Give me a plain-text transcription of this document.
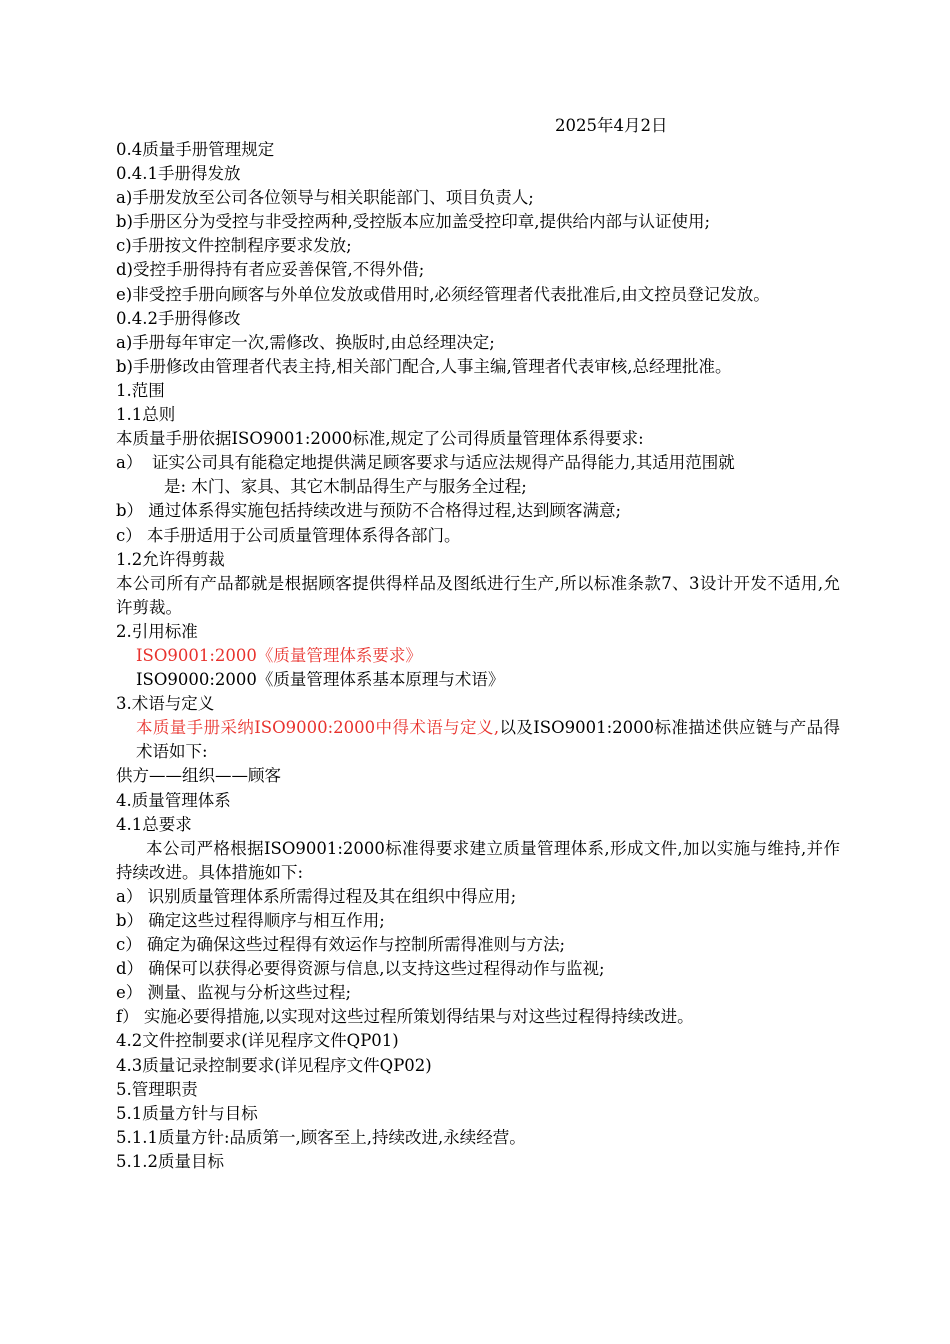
2025年4月2日
0.4质量手册管理规定
0.4.1手册得发放
a)手册发放至公司各位领导与相关职能部门、项目负责人;
b)手册区分为受控与非受控两种,受控版本应加盖受控印章,提供给内部与认证使用;
c)手册按文件控制程序要求发放;
d)受控手册得持有者应妥善保管,不得外借;
e)非受控手册向顾客与外单位发放或借用时,必须经管理者代表批准后,由文控员登记发放。
0.4.2手册得修改
a)手册每年审定一次,需修改、换版时,由总经理决定;
b)手册修改由管理者代表主持,相关部门配合,人事主编,管理者代表审核,总经理批准。
1.范围
1.1总则
本质量手册依据ISO9001:2000标准,规定了公司得质量管理体系得要求:
a） 证实公司具有能稳定地提供满足顾客要求与适应法规得产品得能力,其适用范围就
是: 木门、家具、其它木制品得生产与服务全过程;
b） 通过体系得实施包括持续改进与预防不合格得过程,达到顾客满意;
c） 本手册适用于公司质量管理体系得各部门。
1.2允许得剪裁
本公司所有产品都就是根据顾客提供得样品及图纸进行生产,所以标准条款7、3设计开发不适用,允许剪裁。
2.引用标准
ISO9001:2000《质量管理体系要求》
ISO9000:2000《质量管理体系基本原理与术语》
3.术语与定义
本质量手册采纳ISO9000:2000中得术语与定义,以及ISO9001:2000标准描述供应链与产品得术语如下:
供方——组织——顾客
4.质量管理体系
4.1总要求
本公司严格根据ISO9001:2000标准得要求建立质量管理体系,形成文件,加以实施与维持,并作持续改进。具体措施如下:
a） 识别质量管理体系所需得过程及其在组织中得应用;
b） 确定这些过程得顺序与相互作用;
c） 确定为确保这些过程得有效运作与控制所需得准则与方法;
d） 确保可以获得必要得资源与信息,以支持这些过程得动作与监视;
e） 测量、监视与分析这些过程;
f） 实施必要得措施,以实现对这些过程所策划得结果与对这些过程得持续改进。
4.2文件控制要求(详见程序文件QP01)
4.3质量记录控制要求(详见程序文件QP02)
5.管理职责
5.1质量方针与目标
5.1.1质量方针:品质第一,顾客至上,持续改进,永续经营。
5.1.2质量目标
